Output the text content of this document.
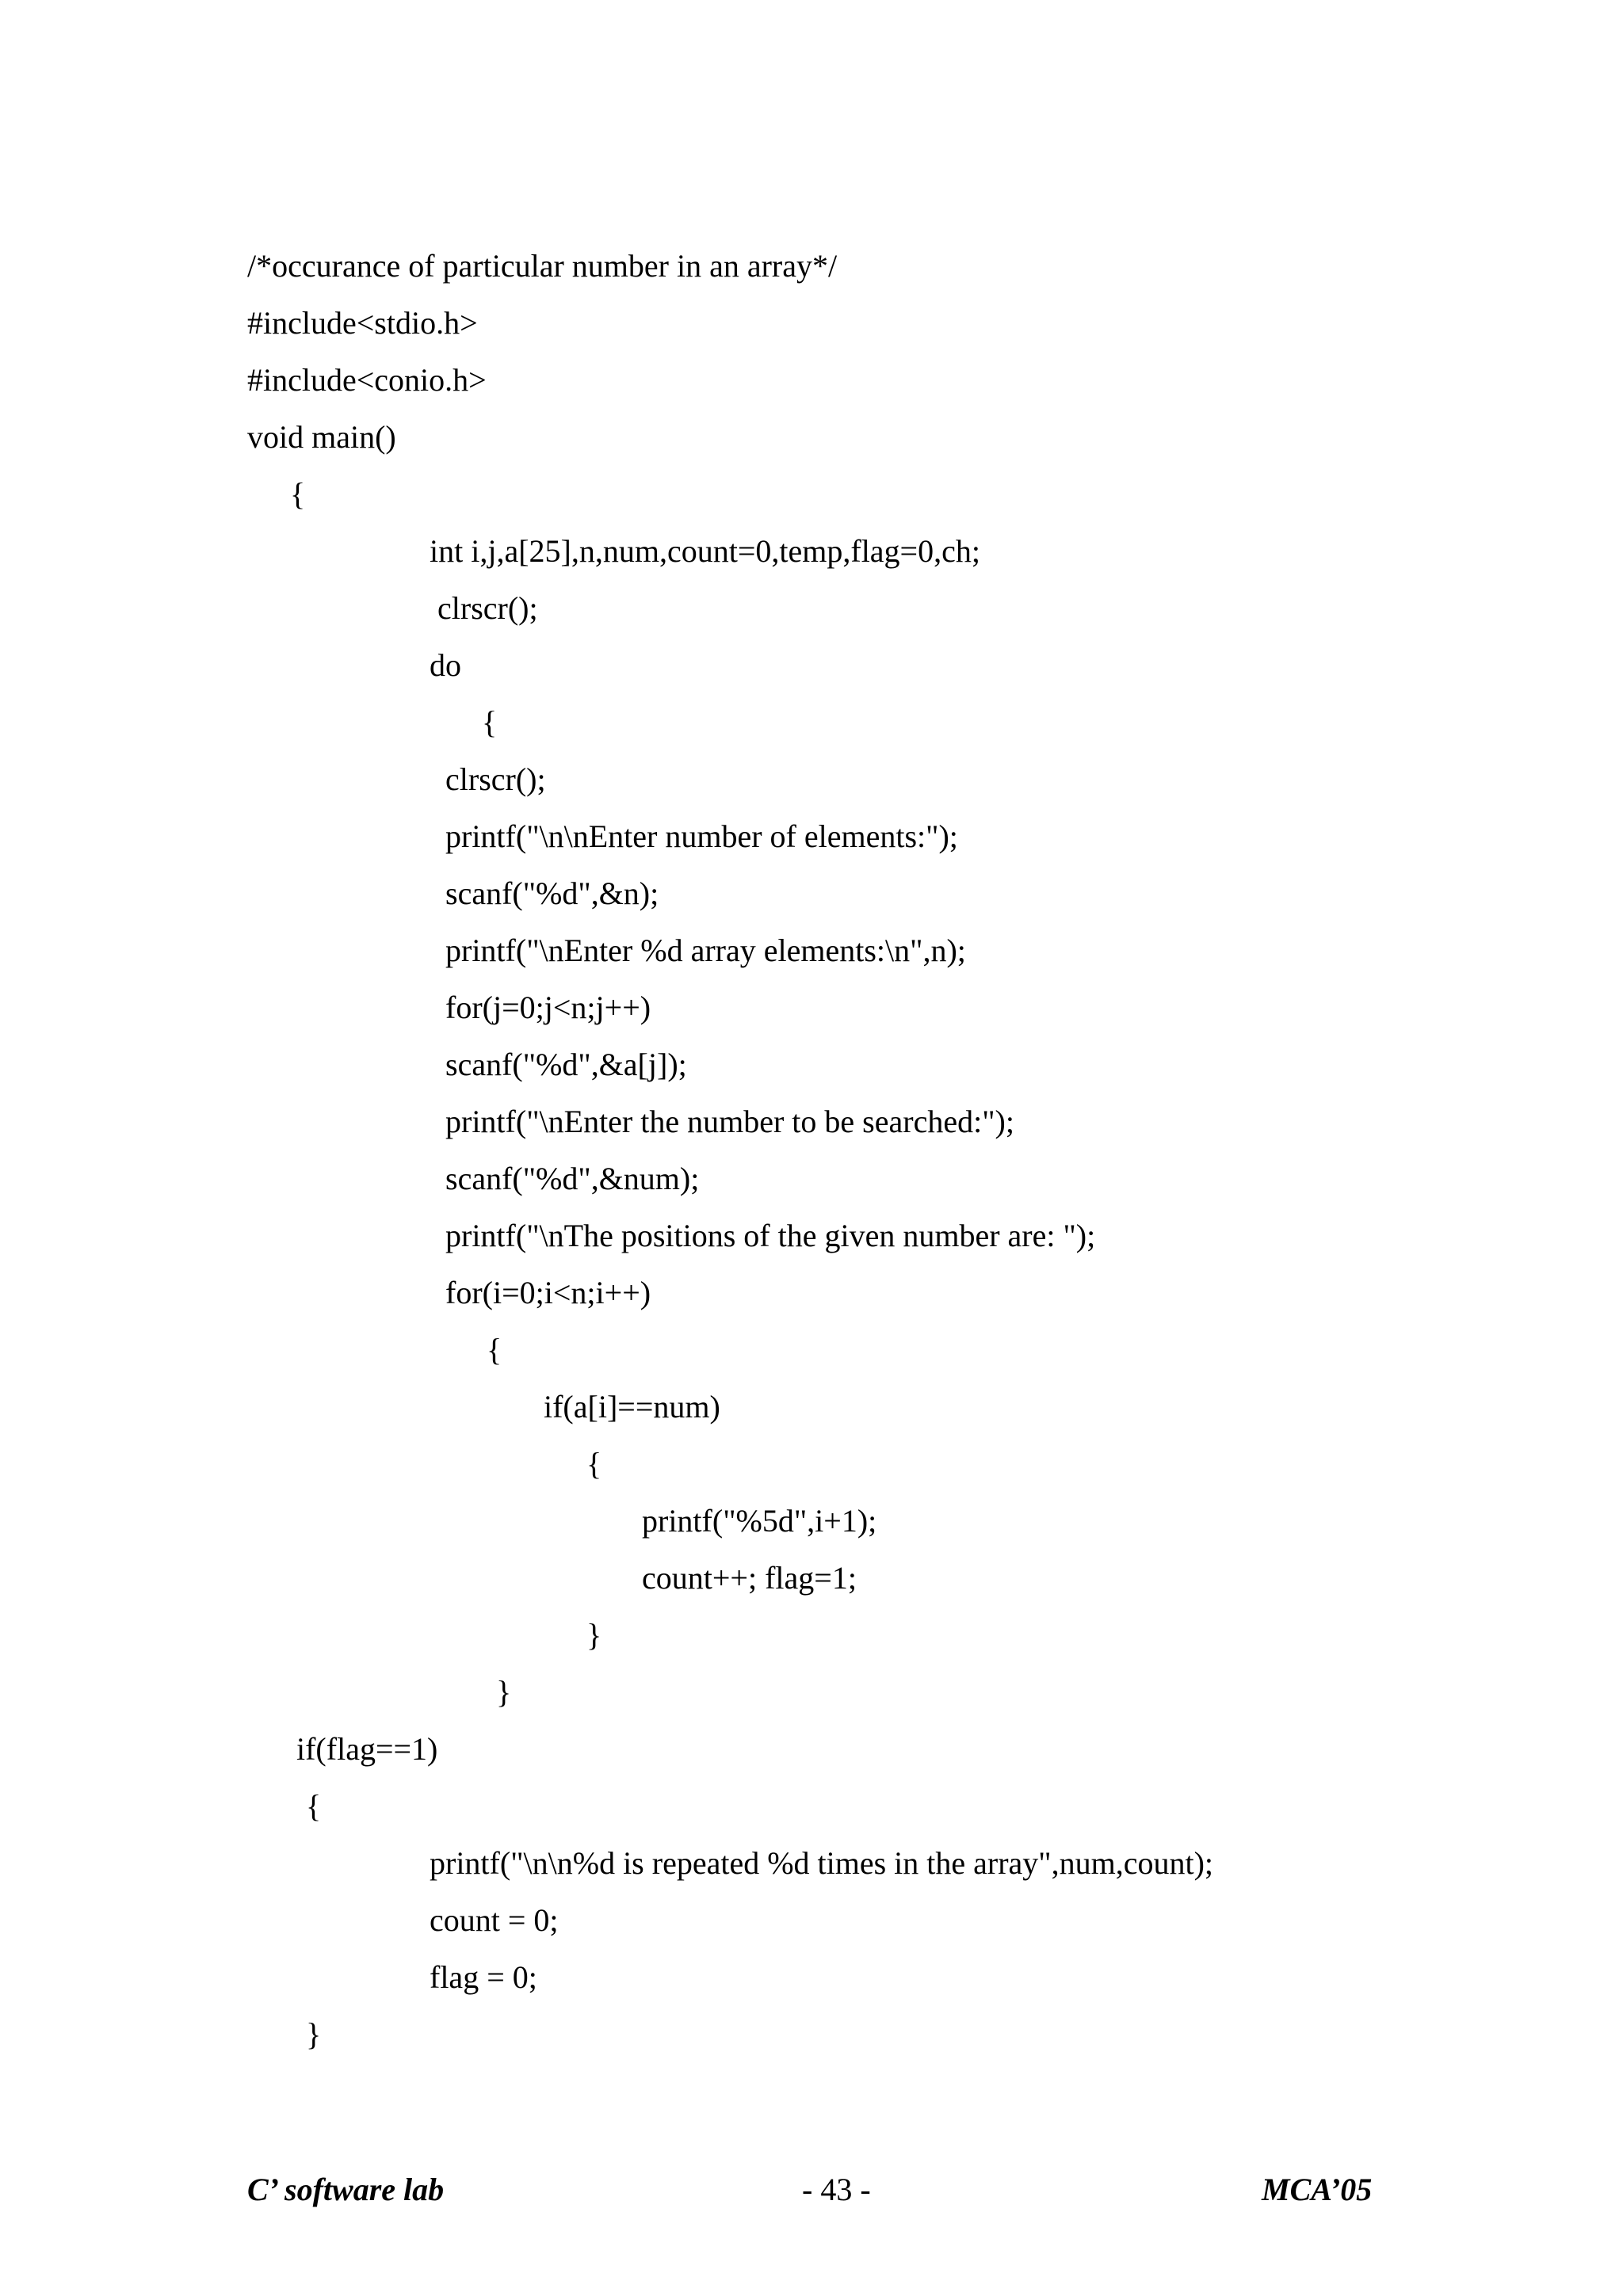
/*occurance of particular number in an array*/
#include<stdio.h>
#include<conio.h>
void main()
{
int i,j,a[25],n,num,count=0,temp,flag=0,ch;
clrscr();
do
{
clrscr();
printf("\n\nEnter number of elements:");
scanf("%d",&n);
printf("\nEnter %d array elements:\n",n);
for(j=0;j<n;j++)
scanf("%d",&a[j]);
printf("\nEnter the number to be searched:");
scanf("%d",&num);
printf("\nThe positions of the given number are: ");
for(i=0;i<n;i++)
{
if(a[i]==num)
{
printf("%5d",i+1);
count++; flag=1;
}
}
if(flag==1)
{
printf("\n\n%d is repeated %d times in the array",num,count);
count = 0;
flag = 0;
}
C’ software lab	- 43 -	MCA’05
